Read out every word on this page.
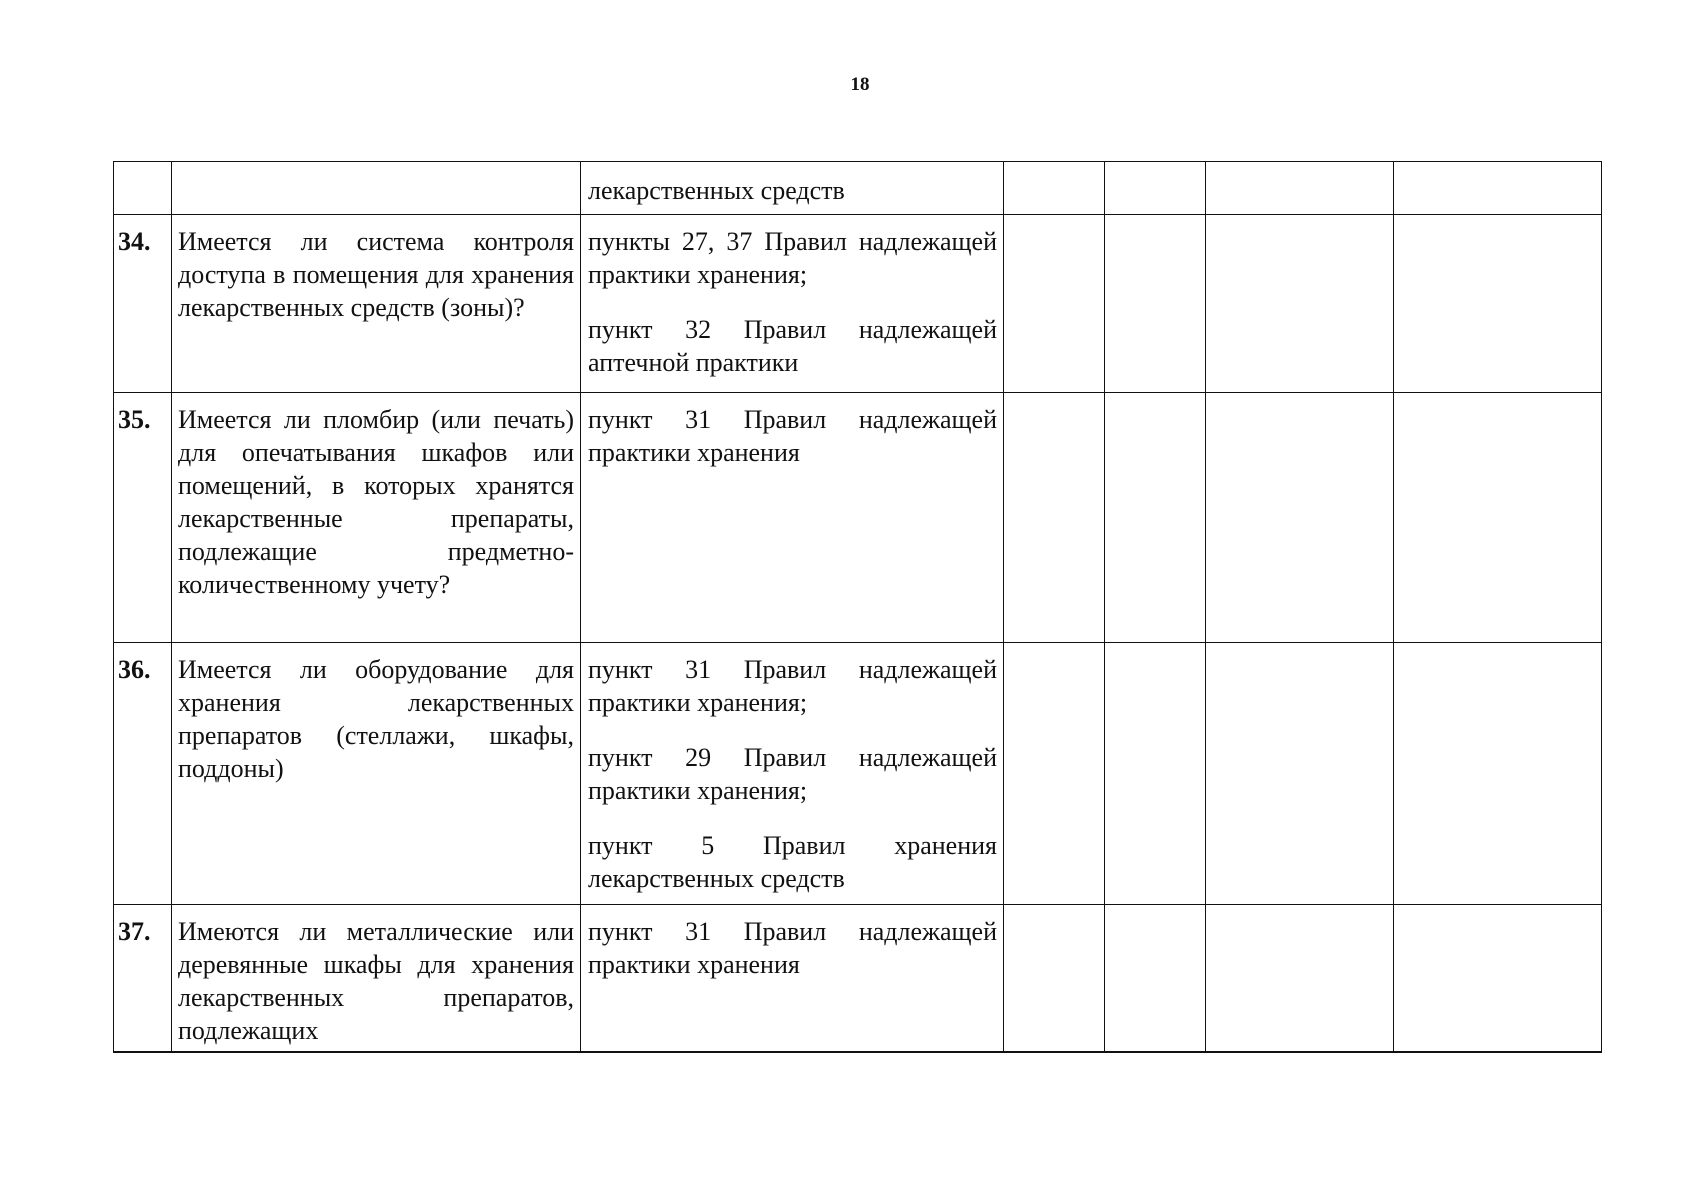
18

		лекарственных средств				

34.	Имеется ли система контроля доступа в помещения для хранения лекарственных средств (зоны)?	пункты 27, 37 Правил надлежащей практики хранения;

пункт 32 Правил надлежащей аптечной практики				

35.	Имеется ли пломбир (или печать) для опечатывания шкафов или помещений, в которых хранятся лекарственные препараты, подлежащие предметно-количественному учету?	пункт 31 Правил надлежащей практики хранения				

36.	Имеется ли оборудование для хранения лекарственных препаратов (стеллажи, шкафы, поддоны)	пункт 31 Правил надлежащей практики хранения;

пункт 29 Правил надлежащей практики хранения;

пункт 5 Правил хранения лекарственных средств				

37.	Имеются ли металлические или деревянные шкафы для хранения лекарственных препаратов, подлежащих	пункт 31 Правил надлежащей практики хранения				
